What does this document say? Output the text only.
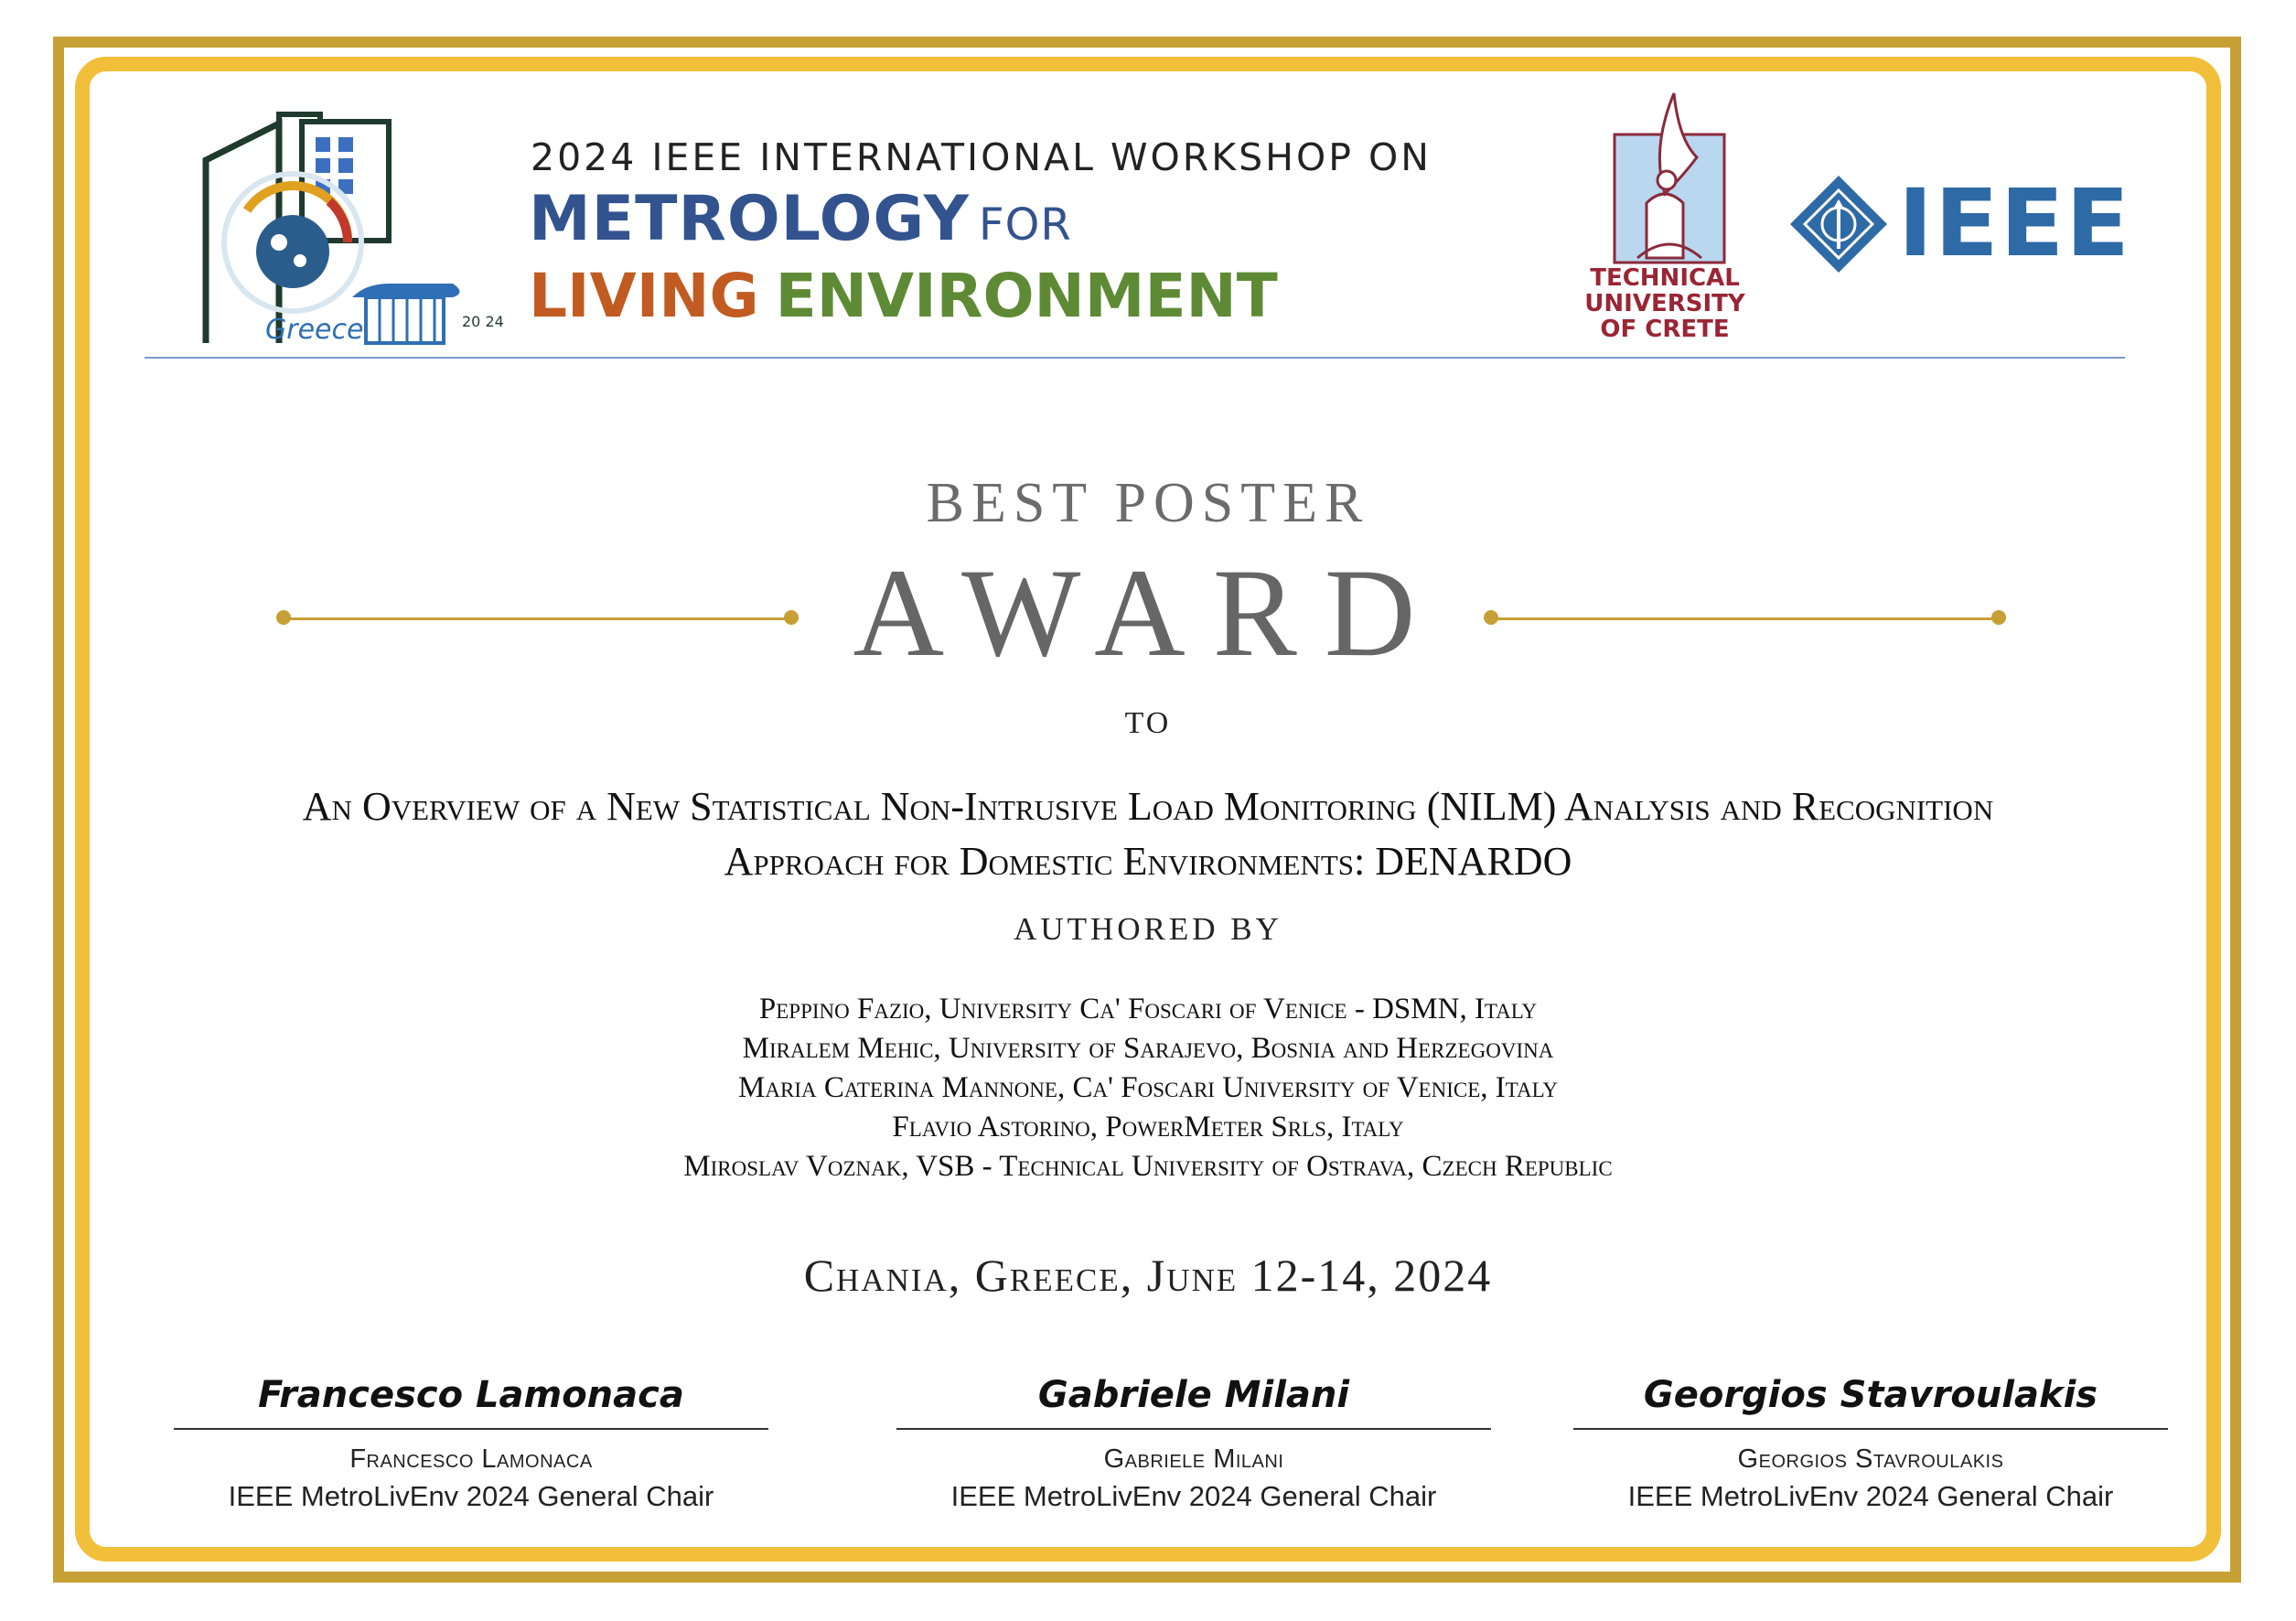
Greece	20 24
2024 IEEE INTERNATIONAL WORKSHOP ON
METROLOGY FOR
LIVING ENVIRONMENT	TECHNICAL
UNIVERSITY
OF CRETE
IEEE
BEST POSTER
AWARD
TO
An Overview of a New Statistical Non-Intrusive Load Monitoring (NILM) Analysis and Recognition
Approach for Domestic Environments: DENARDO
AUTHORED BY
Peppino Fazio, University Ca' Foscari of Venice - DSMN, Italy
Miralem Mehic, University of Sarajevo, Bosnia and Herzegovina
Maria Caterina Mannone, Ca' Foscari University of Venice, Italy
Flavio Astorino, PowerMeter Srls, Italy
Miroslav Voznak, VSB - Technical University of Ostrava, Czech Republic
Chania, Greece, June 12-14, 2024
Francesco Lamonaca
Francesco Lamonaca
IEEE MetroLivEnv 2024 General Chair
Gabriele Milani
Gabriele Milani
IEEE MetroLivEnv 2024 General Chair
Georgios Stavroulakis
Georgios Stavroulakis
IEEE MetroLivEnv 2024 General Chair
